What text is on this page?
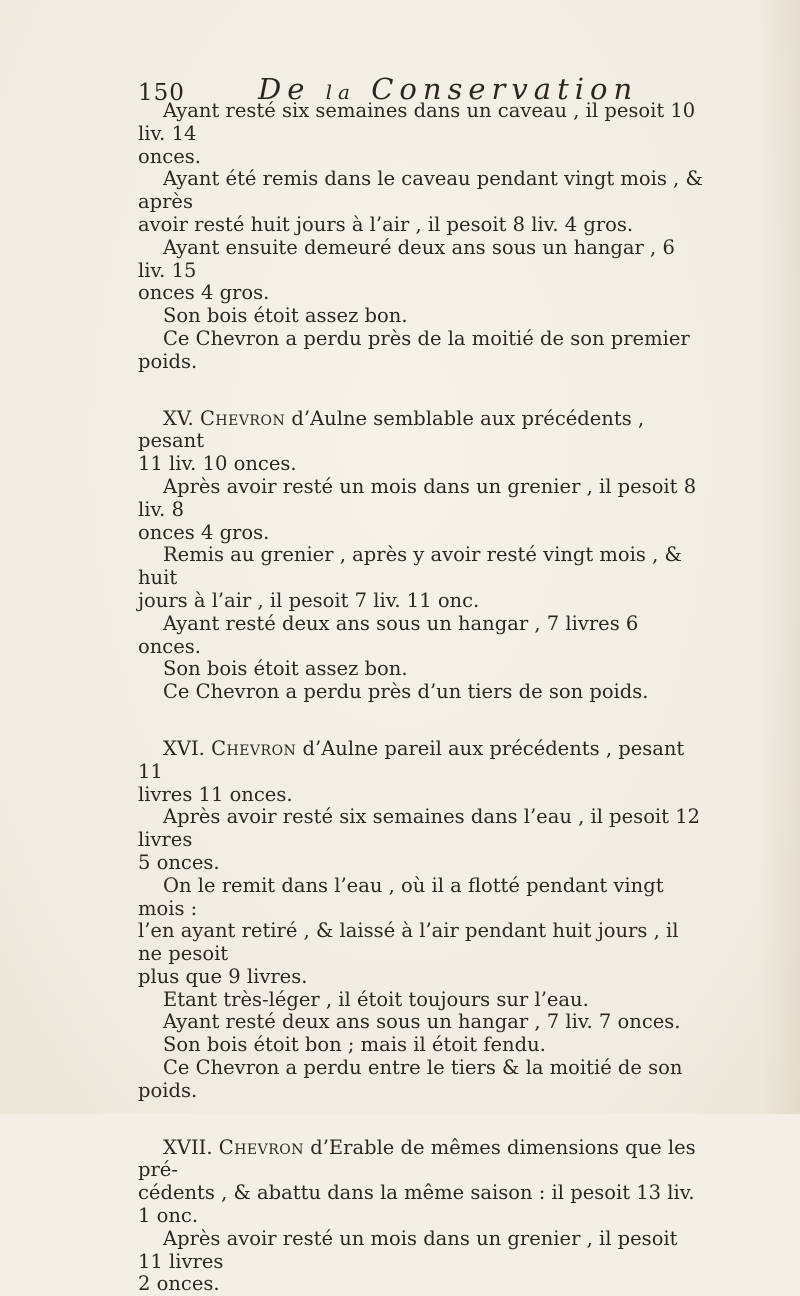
150	De la Conservation

Ayant resté six semaines dans un caveau , il pesoit 10 liv. 14
onces.

Ayant été remis dans le caveau pendant vingt mois , & après
avoir resté huit jours à l’air , il pesoit 8 liv. 4 gros.

Ayant ensuite demeuré deux ans sous un hangar , 6 liv. 15
onces 4 gros.

Son bois étoit assez bon.

Ce Chevron a perdu près de la moitié de son premier
poids.

XV. Chevron d’Aulne semblable aux précédents , pesant
11 liv. 10 onces.
Après avoir resté un mois dans un grenier , il pesoit 8 liv. 8
onces 4 gros.
Remis au grenier , après y avoir resté vingt mois , & huit
jours à l’air , il pesoit 7 liv. 11 onc.
Ayant resté deux ans sous un hangar , 7 livres 6 onces.
Son bois étoit assez bon.
Ce Chevron a perdu près d’un tiers de son poids.
XVI. Chevron d’Aulne pareil aux précédents , pesant 11
livres 11 onces.
Après avoir resté six semaines dans l’eau , il pesoit 12 livres
5 onces.
On le remit dans l’eau , où il a flotté pendant vingt mois :
l’en ayant retiré , & laissé à l’air pendant huit jours , il ne pesoit
plus que 9 livres.
Etant très-léger , il étoit toujours sur l’eau.
Ayant resté deux ans sous un hangar , 7 liv. 7 onces.
Son bois étoit bon ; mais il étoit fendu.
Ce Chevron a perdu entre le tiers & la moitié de son poids.
XVII. Chevron d’Erable de mêmes dimensions que les pré-
cédents , & abattu dans la même saison : il pesoit 13 liv. 1 onc.
Après avoir resté un mois dans un grenier , il pesoit 11 livres
2 onces.
